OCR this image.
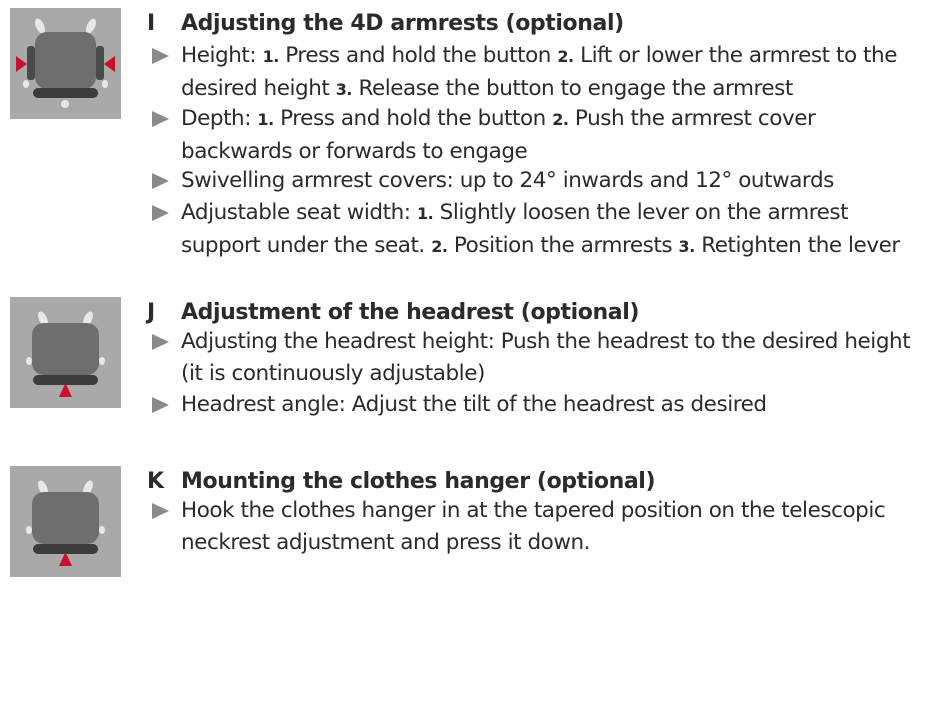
I Adjusting the 4D armrests (optional)
Height: 1. Press and hold the button 2. Lift or lower the armrest to the
desired height 3. Release the button to engage the armrest
Depth: 1. Press and hold the button 2. Push the armrest cover
backwards or forwards to engage
Swivelling armrest covers: up to 24° inwards and 12° outwards
Adjustable seat width: 1. Slightly loosen the lever on the armrest
support under the seat. 2. Position the armrests 3. Retighten the lever
J Adjustment of the headrest (optional)
Adjusting the headrest height: Push the headrest to the desired height
(it is continuously adjustable)
Headrest angle: Adjust the tilt of the headrest as desired
K Mounting the clothes hanger (optional)
Hook the clothes hanger in at the tapered position on the telescopic
neckrest adjustment and press it down.
